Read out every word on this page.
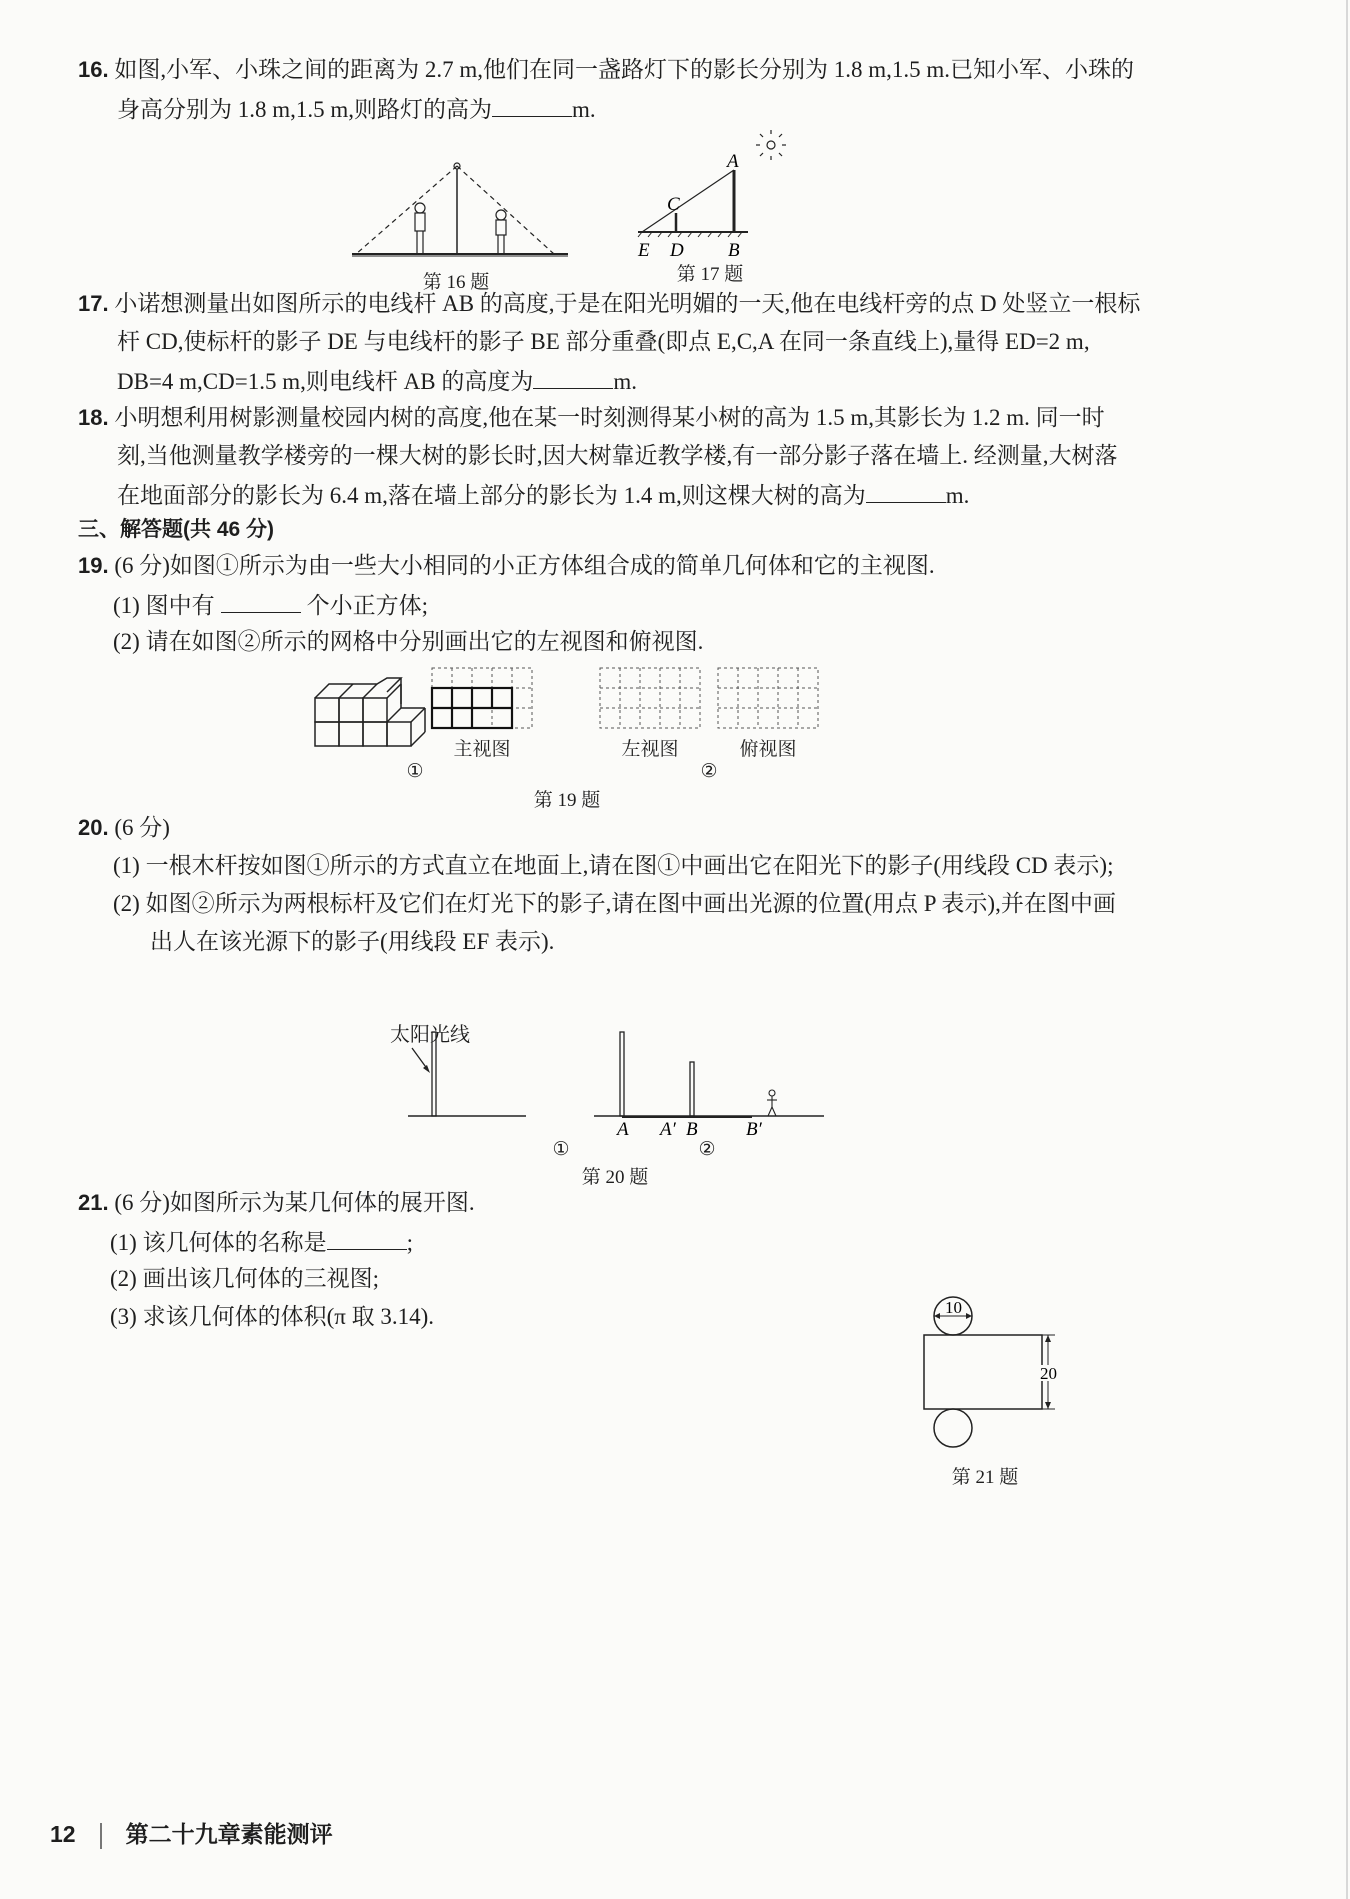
16. 如图,小军、小珠之间的距离为 2.7 m,他们在同一盏路灯下的影长分别为 1.8 m,1.5 m.已知小军、小珠的
身高分别为 1.8 m,1.5 m,则路灯的高为	m.
第 16 题
A
C
E D B
第 17 题
17. 小诺想测量出如图所示的电线杆 AB 的高度,于是在阳光明媚的一天,他在电线杆旁的点 D 处竖立一根标
杆 CD,使标杆的影子 DE 与电线杆的影子 BE 部分重叠(即点 E,C,A 在同一条直线上),量得 ED=2 m,
DB=4 m,CD=1.5 m,则电线杆 AB 的高度为	m.
18. 小明想利用树影测量校园内树的高度,他在某一时刻测得某小树的高为 1.5 m,其影长为 1.2 m. 同一时
刻,当他测量教学楼旁的一棵大树的影长时,因大树靠近教学楼,有一部分影子落在墙上. 经测量,大树落
在地面部分的影长为 6.4 m,落在墙上部分的影长为 1.4 m,则这棵大树的高为	m.
三、解答题(共 46 分)
19. (6 分)如图①所示为由一些大小相同的小正方体组合成的简单几何体和它的主视图.
(1) 图中有	个小正方体;
(2) 请在如图②所示的网格中分别画出它的左视图和俯视图.
主视图	左视图	俯视图
①	②
第 19 题
20. (6 分)
(1) 一根木杆按如图①所示的方式直立在地面上,请在图①中画出它在阳光下的影子(用线段 CD 表示);
(2) 如图②所示为两根标杆及它们在灯光下的影子,请在图中画出光源的位置(用点 P 表示),并在图中画
出人在该光源下的影子(用线段 EF 表示).
A A′ B	B′
太阳光线
①	②
第 20 题
21. (6 分)如图所示为某几何体的展开图.
(1) 该几何体的名称是	;
(2) 画出该几何体的三视图;
(3) 求该几何体的体积(π 取 3.14).	10
20
第 21 题
12 第二十九章素能测评
